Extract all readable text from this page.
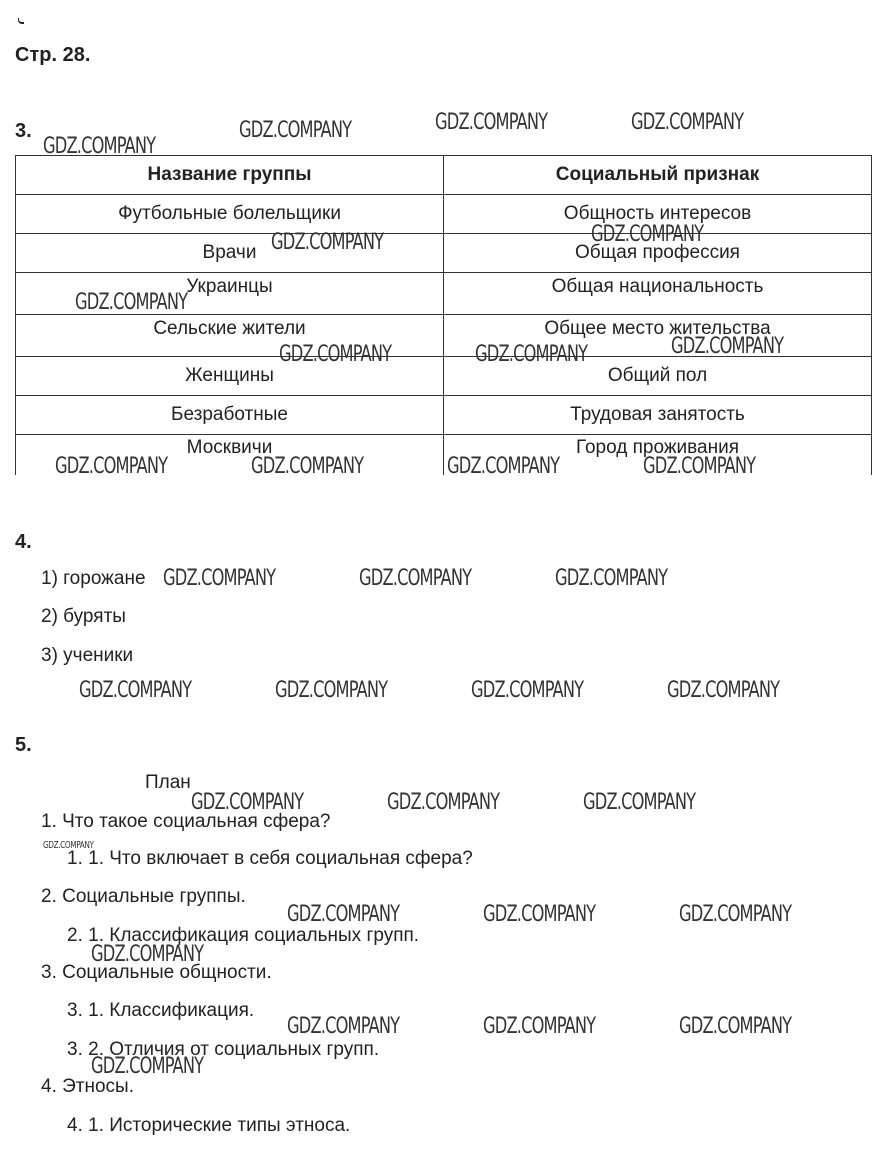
Стр. 28.
3.
Название группы	Социальный признак
Футбольные болельщики	Общность интересов
Врачи	Общая профессия
Украинцы	Общая национальность
Сельские жители	Общее место жительства
Женщины	Общий пол
Безработные	Трудовая занятость
Москвичи	Город проживания
4.
1) горожане
2) буряты
3) ученики
5.
План
1. Что такое социальная сфера?
1. 1. Что включает в себя социальная сфера?
2. Социальные группы.
2. 1. Классификация социальных групп.
3. Социальные общности.
3. 1. Классификация.
3. 2. Отличия от социальных групп.
4. Этносы.
4. 1. Исторические типы этноса.
GDZ.COMPANY
GDZ.COMPANY	GDZ.COMPANY	GDZ.COMPANY
GDZ.COMPANY	GDZ.COMPANY
GDZ.COMPANY
GDZ.COMPANY	GDZ.COMPANY	GDZ.COMPANY
GDZ.COMPANY	GDZ.COMPANY	GDZ.COMPANY	GDZ.COMPANY
GDZ.COMPANY	GDZ.COMPANY	GDZ.COMPANY
GDZ.COMPANY	GDZ.COMPANY	GDZ.COMPANY	GDZ.COMPANY
GDZ.COMPANY	GDZ.COMPANY	GDZ.COMPANY
GDZ.COMPANY
GDZ.COMPANY	GDZ.COMPANY	GDZ.COMPANY
GDZ.COMPANY
GDZ.COMPANY	GDZ.COMPANY	GDZ.COMPANY
GDZ.COMPANY
